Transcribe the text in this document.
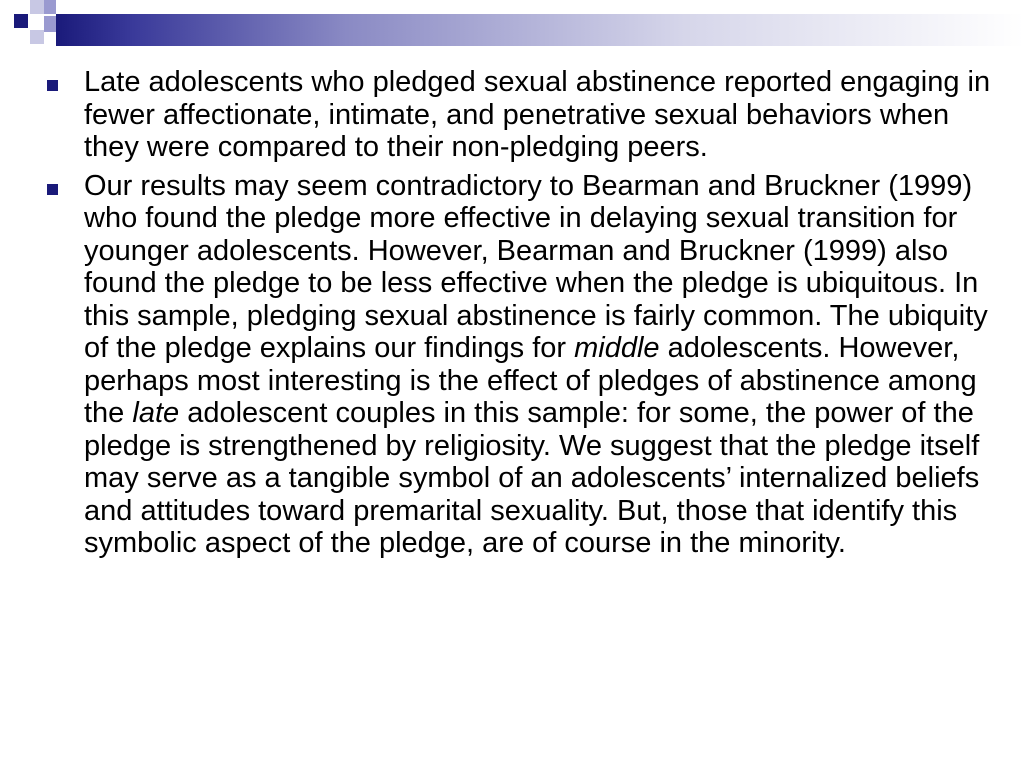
Late adolescents who pledged sexual abstinence reported engaging in fewer affectionate, intimate, and penetrative sexual behaviors when they were compared to their non-pledging peers.
Our results may seem contradictory to Bearman and Bruckner (1999) who found the pledge more effective in delaying sexual transition for younger adolescents. However, Bearman and Bruckner (1999) also found the pledge to be less effective when the pledge is ubiquitous. In this sample, pledging sexual abstinence is fairly common. The ubiquity of the pledge explains our findings for middle adolescents. However, perhaps most interesting is the effect of pledges of abstinence among the late adolescent couples in this sample: for some, the power of the pledge is strengthened by religiosity. We suggest that the pledge itself may serve as a tangible symbol of an adolescents’ internalized beliefs and attitudes toward premarital sexuality. But, those that identify this symbolic aspect of the pledge, are of course in the minority.
